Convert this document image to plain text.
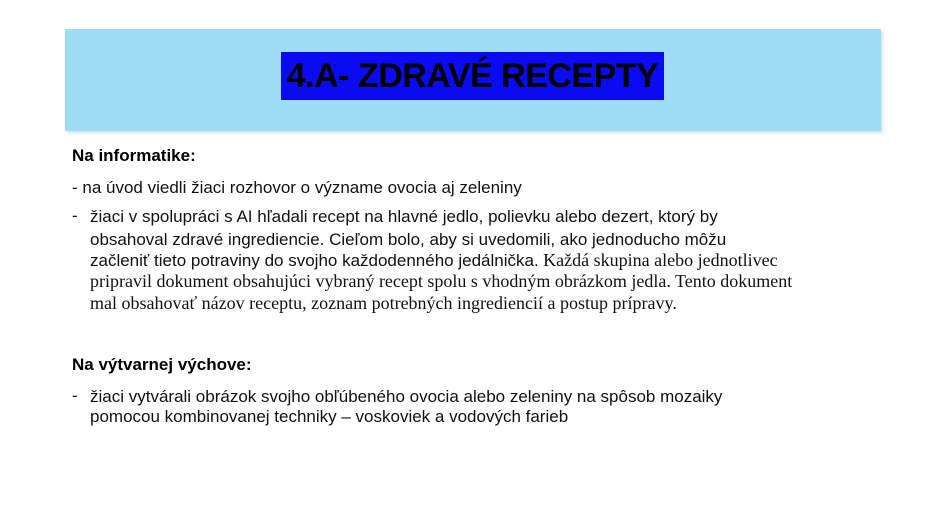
4.A- ZDRAVÉ RECEPTY
Na informatike:
- na úvod viedli žiaci rozhovor o význame ovocia aj zeleniny
- žiaci v spolupráci s AI hľadali recept na hlavné jedlo, polievku alebo dezert, ktorý by
obsahoval zdravé ingrediencie. Cieľom bolo, aby si uvedomili, ako jednoducho môžu
začleniť tieto potraviny do svojho každodenného jedálnička. Každá skupina alebo jednotlivec
pripravil dokument obsahujúci vybraný recept spolu s vhodným obrázkom jedla. Tento dokument
mal obsahovať názov receptu, zoznam potrebných ingrediencií a postup prípravy.
Na výtvarnej výchove:
- žiaci vytvárali obrázok svojho obľúbeného ovocia alebo zeleniny na spôsob mozaiky
pomocou kombinovanej techniky – voskoviek a vodových farieb
